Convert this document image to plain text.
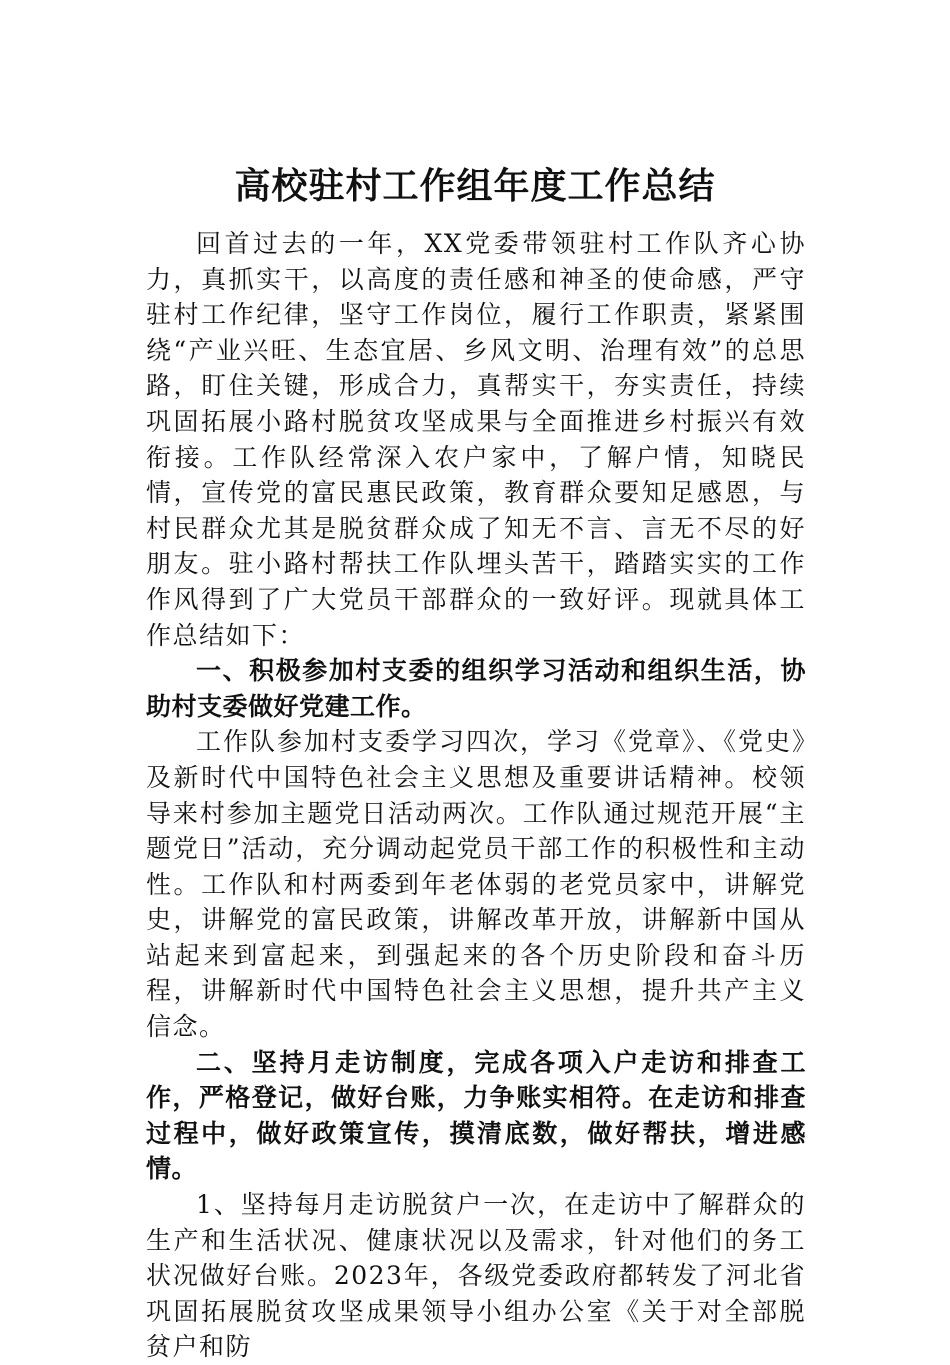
高校驻村工作组年度工作总结

回首过去的一年，XX党委带领驻村工作队齐心协力，真抓实干，以高度的责任感和神圣的使命感，严守驻村工作纪律，坚守工作岗位，履行工作职责，紧紧围绕“产业兴旺、生态宜居、乡风文明、治理有效”的总思路，盯住关键，形成合力，真帮实干，夯实责任，持续巩固拓展小路村脱贫攻坚成果与全面推进乡村振兴有效衔接。工作队经常深入农户家中，了解户情，知晓民情，宣传党的富民惠民政策，教育群众要知足感恩，与村民群众尤其是脱贫群众成了知无不言、言无不尽的好朋友。驻小路村帮扶工作队埋头苦干，踏踏实实的工作作风得到了广大党员干部群众的一致好评。现就具体工作总结如下：

一、积极参加村支委的组织学习活动和组织生活，协助村支委做好党建工作。

工作队参加村支委学习四次，学习《党章》、《党史》及新时代中国特色社会主义思想及重要讲话精神。校领导来村参加主题党日活动两次。工作队通过规范开展“主题党日”活动，充分调动起党员干部工作的积极性和主动性。工作队和村两委到年老体弱的老党员家中，讲解党史，讲解党的富民政策，讲解改革开放，讲解新中国从站起来到富起来，到强起来的各个历史阶段和奋斗历程，讲解新时代中国特色社会主义思想，提升共产主义信念。

二、坚持月走访制度，完成各项入户走访和排查工作，严格登记，做好台账，力争账实相符。在走访和排查过程中，做好政策宣传，摸清底数，做好帮扶，增进感情。

1、坚持每月走访脱贫户一次，在走访中了解群众的生产和生活状况、健康状况以及需求，针对他们的务工状况做好台账。2023年，各级党委政府都转发了河北省巩固拓展脱贫攻坚成果领导小组办公室《关于对全部脱贫户和防
